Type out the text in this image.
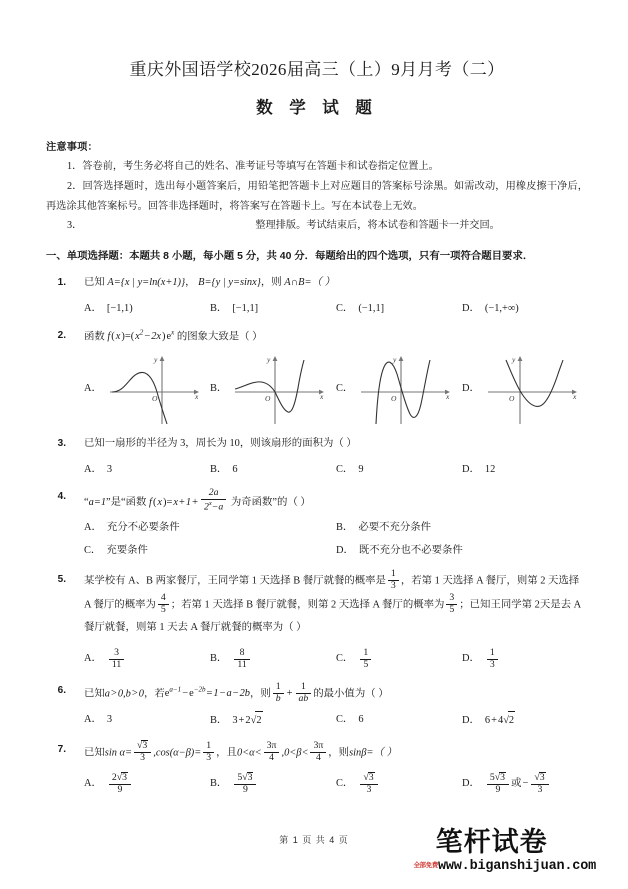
重庆外国语学校2026届高三（上）9月月考（二）
数 学 试 题
注意事项：
1．答卷前，考生务必将自己的姓名、准考证号等填写在答题卡和试卷指定位置上。
2．回答选择题时，选出每小题答案后，用铅笔把答题卡上对应题目的答案标号涂黑。如需改动，用橡皮擦干净后，再选涂其他答案标号。回答非选择题时，将答案写在答题卡上。写在本试卷上无效。
3．	整理排版。考试结束后，将本试卷和答题卡一并交回。
一、单项选择题：本题共 8 小题，每小题 5 分，共 40 分．每题给出的四个选项，只有一项符合题目要求．
1. 已知 A={x | y=ln(x+1)}， B={y | y=sinx}，则 A∩B=（ ）
A． [−1,1)	B． [−1,1]	C． (−1,1]	D． (−1,+∞)
2. 函数 $f(x)=(x^2-2x)e^x$ 的图象大致是（ ）
A．
x
y
O
B．
x
y
O
C．
x
y
O
D．
x
y
O
3. 已知一扇形的半径为 3，周长为 10，则该扇形的面积为（ ）
A． 3	B． 6	C． 9	D． 12
4.
“a=1”是“函数 $f(x)=x+1+ \frac{2a}{2^x-a}$ 为奇函数”的（ ）
A． 充分不必要条件	B． 必要不充分条件
C． 充要条件	D． 既不充分也不必要条件
5. 某学校有 A、B 两家餐厅，王同学第 1 天选择 B 餐厅就餐的概率是 $\frac{1}{3}$ ，若第 1 天选择 A 餐厅，则第 2 天选择 A 餐厅的概率为 $\frac{4}{5}$ ；若第 1 天选择 B 餐厅就餐，则第 2 天选择 A 餐厅的概率为 $\frac{3}{5}$ ；已知王同学第 2天是去 A 餐厅就餐，则第 1 天去 A 餐厅就餐的概率为（ ）
A． $\frac{3}{11}$	B． $\frac{8}{11}$	C． $\frac{1}{5}$	D． $\frac{1}{3}$
6. 已知a>0,b>0，若$e^{a-1}-e^{-2b}=1-a-2b$，则 $\frac{1}{b} + \frac{1}{ab}$ 的最小值为（ ）
A． 3	B． 3+2√2	C． 6	D． 6+4√2
7. 已知$\sin \alpha= \frac{√3}{3} ,\cos(\alpha-\beta)= \frac{1}{3}$ ，且$0<\alpha< \frac{3\pi}{4} ,0<\beta< \frac{3\pi}{4}$ ，则sinβ=（ ）
A． $\frac{2√3}{9}$	B． $\frac{5√3}{9}$	C． $\frac{√3}{3}$	D． $\frac{5√3}{9}$ 或 − $\frac{√3}{3}$
第 1 页 共 4 页	笔杆试卷
全部免费www.biganshijuan.com
